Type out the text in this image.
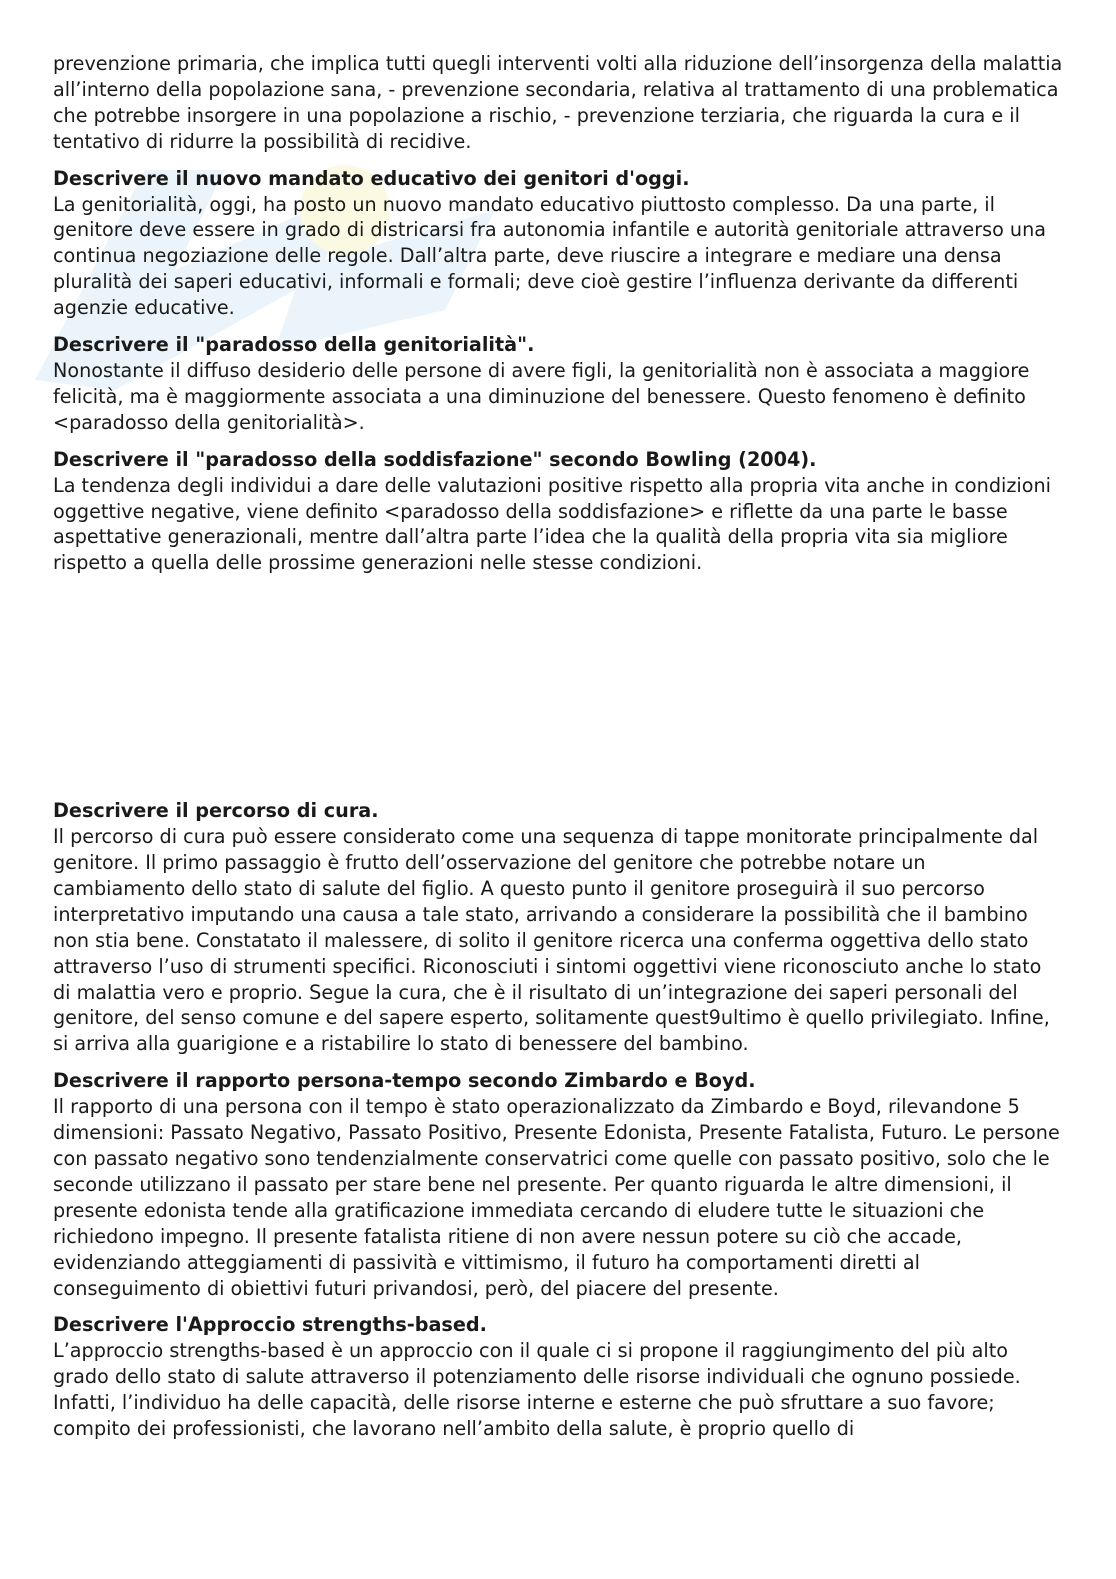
prevenzione primaria, che implica tutti quegli interventi volti alla riduzione dell’insorgenza della malattia all’interno della popolazione sana, - prevenzione secondaria, relativa al trattamento di una problematica che potrebbe insorgere in una popolazione a rischio, - prevenzione terziaria, che riguarda la cura e il tentativo di ridurre la possibilità di recidive.
Descrivere il nuovo mandato educativo dei genitori d'oggi.
La genitorialità, oggi, ha posto un nuovo mandato educativo piuttosto complesso. Da una parte, il genitore deve essere in grado di districarsi fra autonomia infantile e autorità genitoriale attraverso una continua negoziazione delle regole. Dall’altra parte, deve riuscire a integrare e mediare una densa pluralità dei saperi educativi, informali e formali; deve cioè gestire l’influenza derivante da differenti agenzie educative.
Descrivere il "paradosso della genitorialità".
Nonostante il diffuso desiderio delle persone di avere figli, la genitorialità non è associata a maggiore felicità, ma è maggiormente associata a una diminuzione del benessere. Questo fenomeno è definito <paradosso della genitorialità>.
Descrivere il "paradosso della soddisfazione" secondo Bowling (2004).
La tendenza degli individui a dare delle valutazioni positive rispetto alla propria vita anche in condizioni oggettive negative, viene definito <paradosso della soddisfazione> e riflette da una parte le basse aspettative generazionali, mentre dall’altra parte l’idea che la qualità della propria vita sia migliore rispetto a quella delle prossime generazioni nelle stesse condizioni.
Descrivere il percorso di cura.
Il percorso di cura può essere considerato come una sequenza di tappe monitorate principalmente dal genitore. Il primo passaggio è frutto dell’osservazione del genitore che potrebbe notare un cambiamento dello stato di salute del figlio. A questo punto il genitore proseguirà il suo percorso interpretativo imputando una causa a tale stato, arrivando a considerare la possibilità che il bambino non stia bene. Constatato il malessere, di solito il genitore ricerca una conferma oggettiva dello stato attraverso l’uso di strumenti specifici. Riconosciuti i sintomi oggettivi viene riconosciuto anche lo stato di malattia vero e proprio. Segue la cura, che è il risultato di un’integrazione dei saperi personali del genitore, del senso comune e del sapere esperto, solitamente quest9ultimo è quello privilegiato. Infine, si arriva alla guarigione e a ristabilire lo stato di benessere del bambino.
Descrivere il rapporto persona-tempo secondo Zimbardo e Boyd.
Il rapporto di una persona con il tempo è stato operazionalizzato da Zimbardo e Boyd, rilevandone 5 dimensioni: Passato Negativo, Passato Positivo, Presente Edonista, Presente Fatalista, Futuro. Le persone con passato negativo sono tendenzialmente conservatrici come quelle con passato positivo, solo che le seconde utilizzano il passato per stare bene nel presente. Per quanto riguarda le altre dimensioni, il presente edonista tende alla gratificazione immediata cercando di eludere tutte le situazioni che richiedono impegno. Il presente fatalista ritiene di non avere nessun potere su ciò che accade, evidenziando atteggiamenti di passività e vittimismo, il futuro ha comportamenti diretti al conseguimento di obiettivi futuri privandosi, però, del piacere del presente.
Descrivere l'Approccio strengths-based.
L’approccio strengths-based è un approccio con il quale ci si propone il raggiungimento del più alto grado dello stato di salute attraverso il potenziamento delle risorse individuali che ognuno possiede. Infatti, l’individuo ha delle capacità, delle risorse interne e esterne che può sfruttare a suo favore; compito dei professionisti, che lavorano nell’ambito della salute, è proprio quello di
